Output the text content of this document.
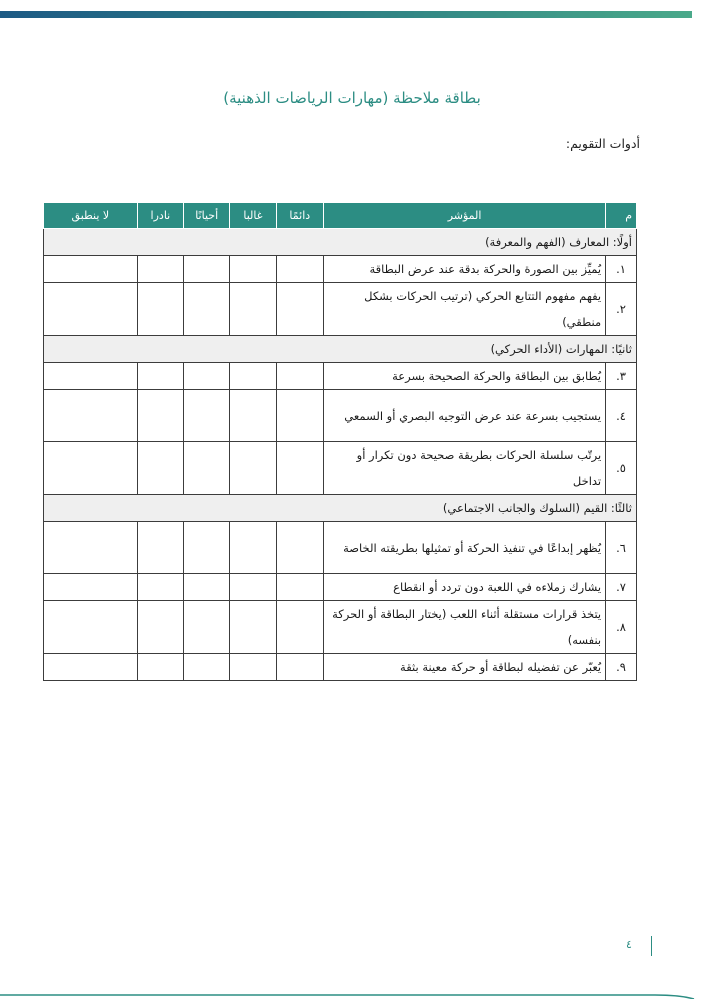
بطاقة ملاحظة (مهارات الرياضات الذهنية)
أدوات التقويم:
م	المؤشر	دائمًا	غالبا	أحيانًا	نادرا	لا ينطبق
أولًا: المعارف (الفهم والمعرفة)						
١.	يُميِّز بين الصورة والحركة بدقة عند عرض البطاقة					
٢.	يفهم مفهوم التتابع الحركي (ترتيب الحركات بشكل منطقي)					
ثانيًا: المهارات (الأداء الحركي)						
٣.	يُطابق بين البطاقة والحركة الصحيحة بسرعة					
٤.	يستجيب بسرعة عند عرض التوجيه البصري أو السمعي					
٥.	يرتّب سلسلة الحركات بطريقة صحيحة دون تكرار أو تداخل					
ثالثًا: القيم (السلوك والجانب الاجتماعي)						
٦.	يُظهر إبداعًا في تنفيذ الحركة أو تمثيلها بطريقته الخاصة					
٧.	يشارك زملاءه في اللعبة دون تردد أو انقطاع					
٨.	يتخذ قرارات مستقلة أثناء اللعب (يختار البطاقة أو الحركة بنفسه)					
٩.	يُعبّر عن تفضيله لبطاقة أو حركة معينة بثقة					
٤
